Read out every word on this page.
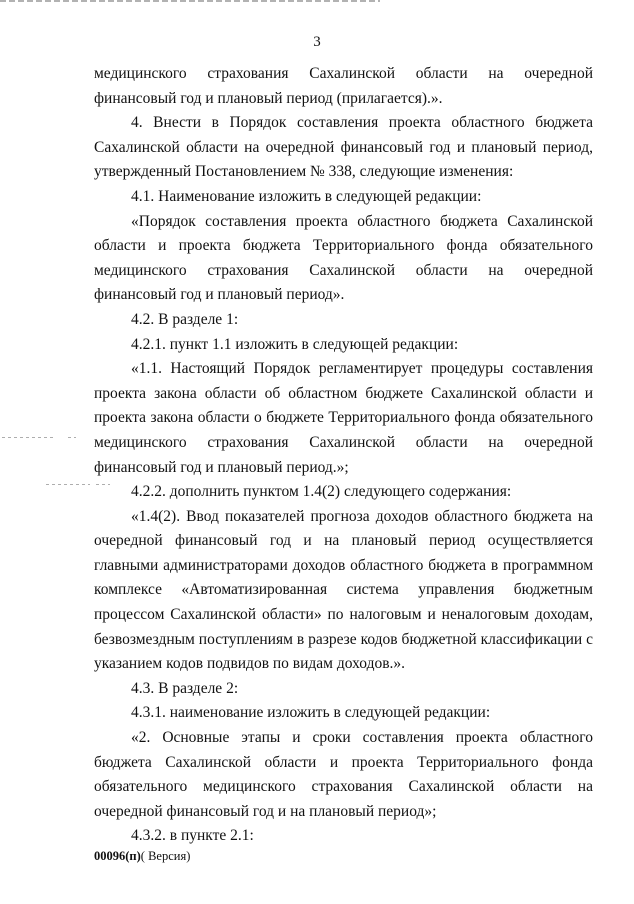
3

медицинского страхования Сахалинской области на очередной финансовый год и плановый период (прилагается).».

4. Внести в Порядок составления проекта областного бюджета Сахалинской области на очередной финансовый год и плановый период, утвержденный Постановлением № 338, следующие изменения:

4.1. Наименование изложить в следующей редакции:

«Порядок составления проекта областного бюджета Сахалинской области и проекта бюджета Территориального фонда обязательного медицинского страхования Сахалинской области на очередной финансовый год и плановый период».

4.2. В разделе 1:

4.2.1. пункт 1.1 изложить в следующей редакции:

«1.1. Настоящий Порядок регламентирует процедуры составления проекта закона области об областном бюджете Сахалинской области и проекта закона области о бюджете Территориального фонда обязательного медицинского страхования Сахалинской области на очередной финансовый год и плановый период.»;

4.2.2. дополнить пунктом 1.4(2) следующего содержания:

«1.4(2). Ввод показателей прогноза доходов областного бюджета на очередной финансовый год и на плановый период осуществляется главными администраторами доходов областного бюджета в программном комплексе «Автоматизированная система управления бюджетным процессом Сахалинской области» по налоговым и неналоговым доходам, безвозмездным поступлениям в разрезе кодов бюджетной классификации с указанием кодов подвидов по видам доходов.».

4.3. В разделе 2:

4.3.1. наименование изложить в следующей редакции:

«2. Основные этапы и сроки составления проекта областного бюджета Сахалинской области и проекта Территориального фонда обязательного медицинского страхования Сахалинской области на очередной финансовый год и на плановый период»;

4.3.2. в пункте 2.1:

00096(п)( Версия)
